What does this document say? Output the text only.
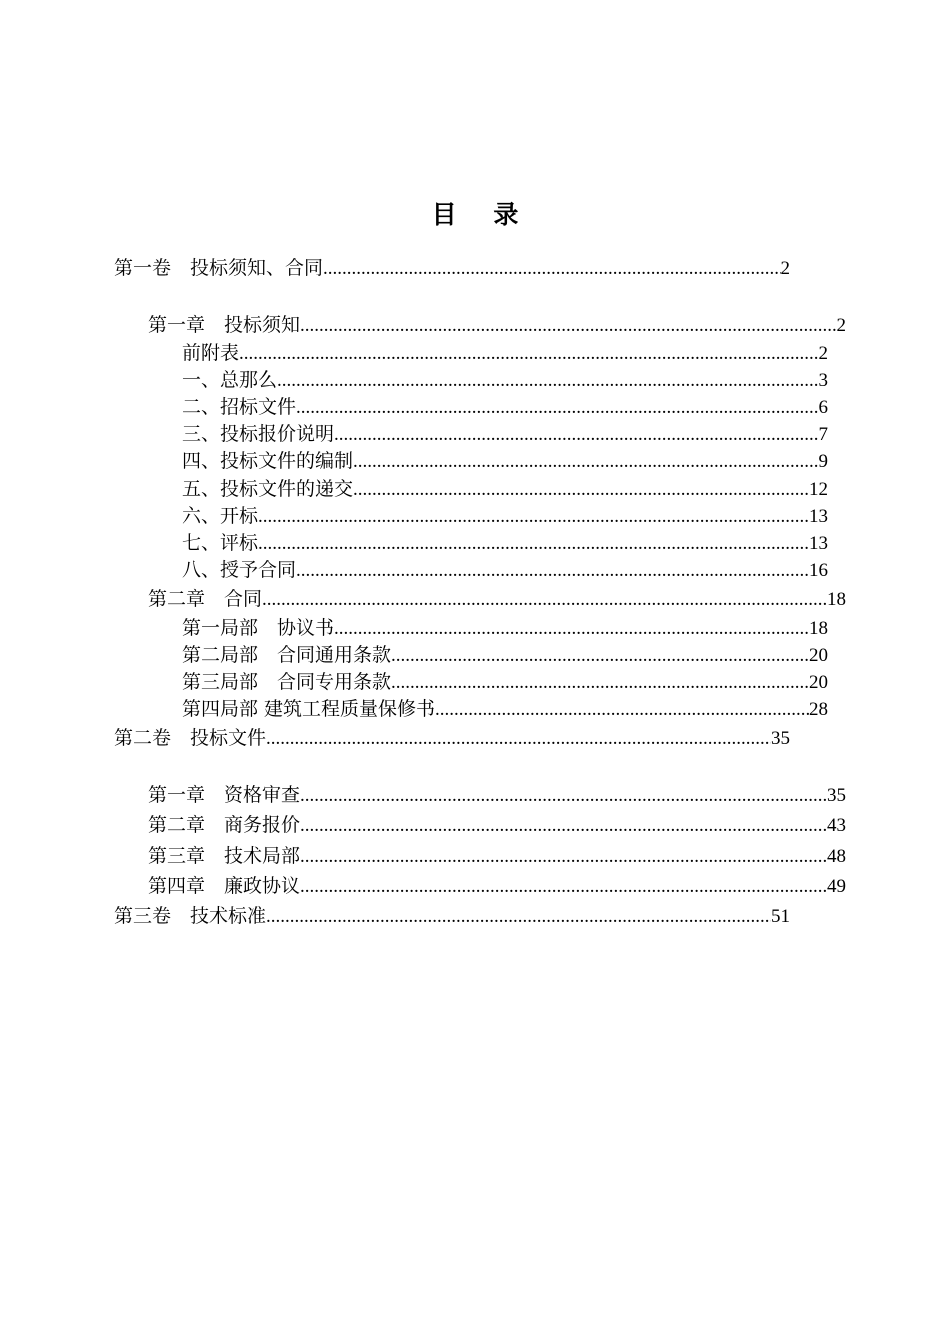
目 录
第一卷　投标须知、合同 .....	2
第一章　投标须知 .....	2
前附表 .....	2
一、总那么 .....	3
二、招标文件 .....	6
三、投标报价说明 .....	7
四、投标文件的编制 .....	9
五、投标文件的递交 .....	12
六、开标 .....	13
七、评标 .....	13
八、授予合同 .....	16
第二章　合同 .....	18
第一局部　协议书 .....	18
第二局部　合同通用条款 .....	20
第三局部　合同专用条款 .....	20
第四局部 建筑工程质量保修书 .....	28
第二卷　投标文件 .....	35
第一章　资格审查 .....	35
第二章　商务报价 .....	43
第三章　技术局部 .....	48
第四章　廉政协议 .....	49
第三卷　技术标准 .....	51
